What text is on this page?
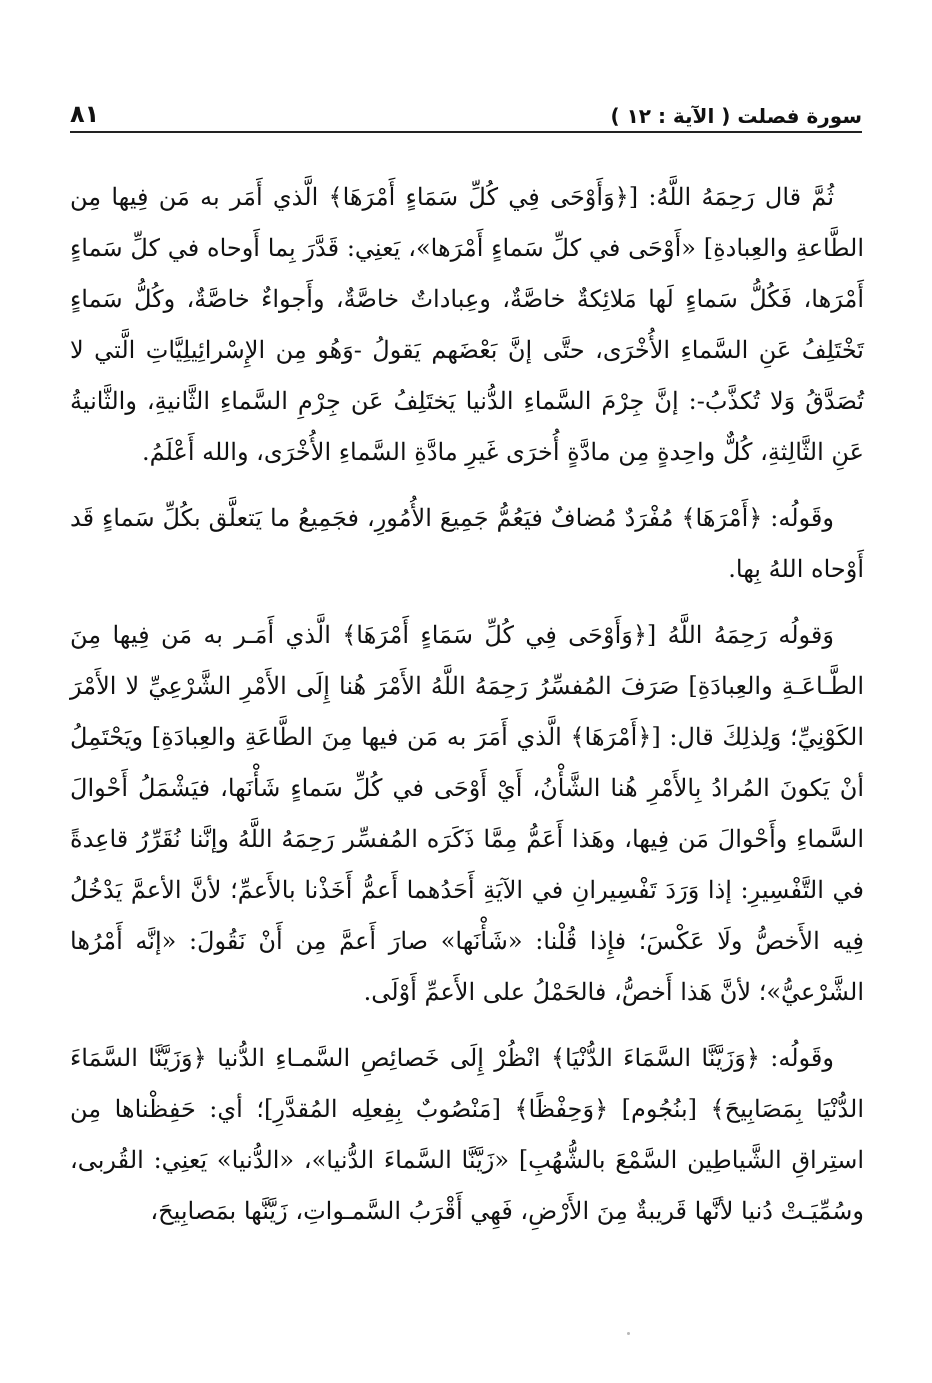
سورة فصلت ( الآية : ١٢ )
٨١

ثُمَّ قال رَحِمَهُ اللَّهُ: [﴿وَأَوْحَى فِي كُلِّ سَمَاءٍ أَمْرَهَا﴾ الَّذي أَمَر به مَن فِيها مِن الطَّاعةِ والعِبادةِ] «أَوْحَى في كلِّ سَماءٍ أَمْرَها»، يَعنِي: قَدَّرَ بِما أَوحاه في كلِّ سَماءٍ أَمْرَها، فَكُلُّ سَماءٍ لَها مَلائِكةٌ خاصَّةٌ، وعِباداتٌ خاصَّةٌ، وأَجواءٌ خاصَّةٌ، وكُلُّ سَماءٍ تَخْتَلِفُ عَنِ السَّماءِ الأُخْرَى، حتَّى إنَّ بَعْضَهم يَقولُ -وَهُو مِن الإِسْرائِيلِيَّاتِ الَّتي لا تُصَدَّقُ وَلا تُكذَّبُ-: إنَّ جِرْمَ السَّماءِ الدُّنيا يَختَلِفُ عَن جِرْمِ السَّماءِ الثَّانيةِ، والثَّانيةُ عَنِ الثَّالِثةِ، كُلٌّ واحِدةٍ مِن مادَّةٍ أُخرَى غَيرِ مادَّةِ السَّماءِ الأُخْرَى، والله أَعْلَمُ.

وقَولُه: ﴿أَمْرَهَا﴾ مُفْرَدٌ مُضافٌ فيَعُمُّ جَمِيعَ الأُمُورِ، فجَمِيعُ ما يَتعلَّق بكُلِّ سَماءٍ قَد أَوْحاه اللهُ بِها.

وَقولُه رَحِمَهُ اللَّهُ [﴿وَأَوْحَى فِي كُلِّ سَمَاءٍ أَمْرَهَا﴾ الَّذي أَمَـر به مَن فِيها مِنَ الطَّـاعَـةِ والعِبادَةِ] صَرَفَ المُفسِّرُ رَحِمَهُ اللَّهُ الأَمْرَ هُنا إِلَى الأَمْرِ الشَّرْعِيِّ لا الأَمْرَ الكَوْنِيِّ؛ وَلِذلِكَ قال: [﴿أَمْرَهَا﴾ الَّذي أَمَرَ به مَن فيها مِنَ الطَّاعَةِ والعِبادَةِ] ويَحْتَمِلُ أنْ يَكونَ المُرادُ بِالأَمْرِ هُنا الشَّأْنُ، أَيْ أَوْحَى في كُلِّ سَماءٍ شَأْنَها، فيَشْمَلُ أَحْوالَ السَّماءِ وأَحْوالَ مَن فِيها، وهَذا أَعَمُّ مِمَّا ذَكَرَه المُفسِّر رَحِمَهُ اللَّهُ وإنَّنا نُقَرِّرُ قاعِدةً في التَّفْسِيرِ: إذا وَرَدَ تَفْسِيرانِ في الآيَةِ أَحَدُهما أَعمُّ أَخَذْنا بالأَعمِّ؛ لأنَّ الأعمَّ يَدْخُلُ فِيه الأَخصُّ ولَا عَكْسَ؛ فإِذا قُلْنا: «شَأْنَها» صارَ أَعمَّ مِن أَنْ نَقُولَ: «إنَّه أَمْرُها الشَّرْعيُّ»؛ لأنَّ هَذا أَخصُّ، فالحَمْلُ على الأَعمِّ أَوْلَى.

وقَولُه: ﴿وَزَيَّنَّا السَّمَاءَ الدُّنْيَا﴾ انْظُرْ إِلَى خَصائِصِ السَّمـاءِ الدُّنيا ﴿وَزَيَّنَّا السَّمَاءَ الدُّنْيَا بِمَصَابِيحَ﴾ [بنُجُوم] ﴿وَحِفْظًا﴾ [مَنْصُوبٌ بِفِعلِه المُقدَّرِ]؛ أي: حَفِظْناها مِن استِراقِ الشَّياطِين السَّمْعَ بالشُّهُبِ] «زَيَّنَّا السَّماءَ الدُّنيا»، «الدُّنيا» يَعنِي: القُربى، وسُمِّيَـتْ دُنيا لأنَّها قَريبةٌ مِنَ الأَرْضِ، فَهِي أَقْرَبُ السَّمـواتِ، زَيَّنَّها بمَصابِيحَ،
